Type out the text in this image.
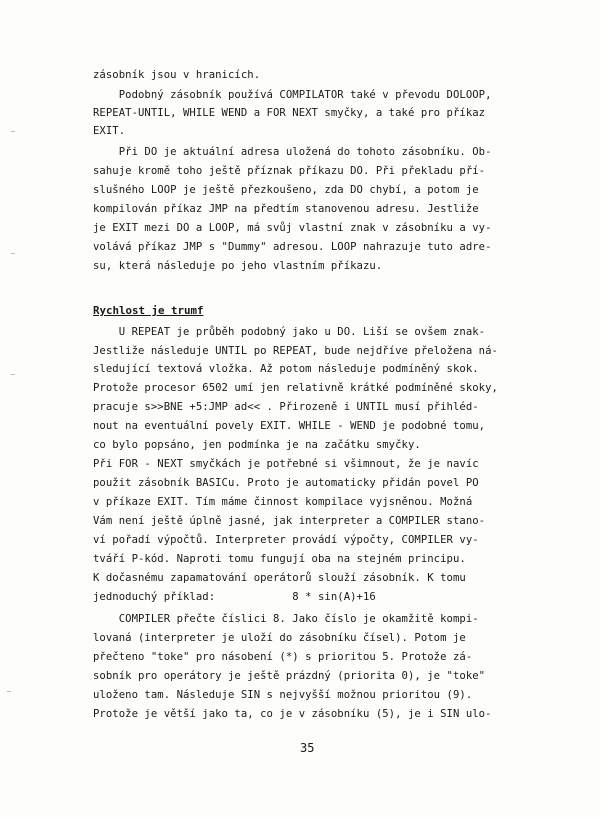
zásobník jsou v hranicích.
Podobný zásobník používá COMPILATOR také v převodu DOLOOP,
REPEAT-UNTIL, WHILE WEND a FOR NEXT smyčky, a také pro příkaz
EXIT.
Při DO je aktuální adresa uložená do tohoto zásobníku. Ob-
sahuje kromě toho ještě příznak příkazu DO. Při překladu pří-
slušného LOOP je ještě přezkoušeno, zda DO chybí, a potom je
kompilován příkaz JMP na předtím stanovenou adresu. Jestliže
je EXIT mezi DO a LOOP, má svůj vlastní znak v zásobníku a vy-
volává příkaz JMP s "Dummy" adresou. LOOP nahrazuje tuto adre-
su, která následuje po jeho vlastním příkazu.
Rychlost je trumf
U REPEAT je průběh podobný jako u DO. Liší se ovšem znak-
Jestliže následuje UNTIL po REPEAT, bude nejdříve přeložena ná-
sledující textová vložka. Až potom následuje podmíněný skok.
Protože procesor 6502 umí jen relativně krátké podmíněné skoky,
pracuje s>>BNE +5:JMP ad<< . Přirozeně i UNTIL musí přihléd-
nout na eventuální povely EXIT. WHILE - WEND je podobné tomu,
co bylo popsáno, jen podmínka je na začátku smyčky.
Při FOR - NEXT smyčkách je potřebné si všimnout, že je navíc
použit zásobník BASICu. Proto je automaticky přidán povel PO
v příkaze EXIT. Tím máme činnost kompilace vyjsněnou. Možná
Vám není ještě úplně jasné, jak interpreter a COMPILER stano-
ví pořadí výpočtů. Interpreter provádí výpočty, COMPILER vy-
tváří P-kód. Naproti tomu fungují oba na stejném principu.
K dočasnému zapamatování operátorů slouží zásobník. K tomu
jednoduchý příklad:            8 * sin(A)+16
COMPILER přečte číslici 8. Jako číslo je okamžitě kompi-
lovaná (interpreter je uloží do zásobníku čísel). Potom je
přečteno "toke" pro násobení (*) s prioritou 5. Protože zá-
sobník pro operátory je ještě prázdný (priorita 0), je "toke"
uloženo tam. Následuje SIN s nejvyšší možnou prioritou (9).
Protože je větší jako ta, co je v zásobníku (5), je i SIN ulo-
35
